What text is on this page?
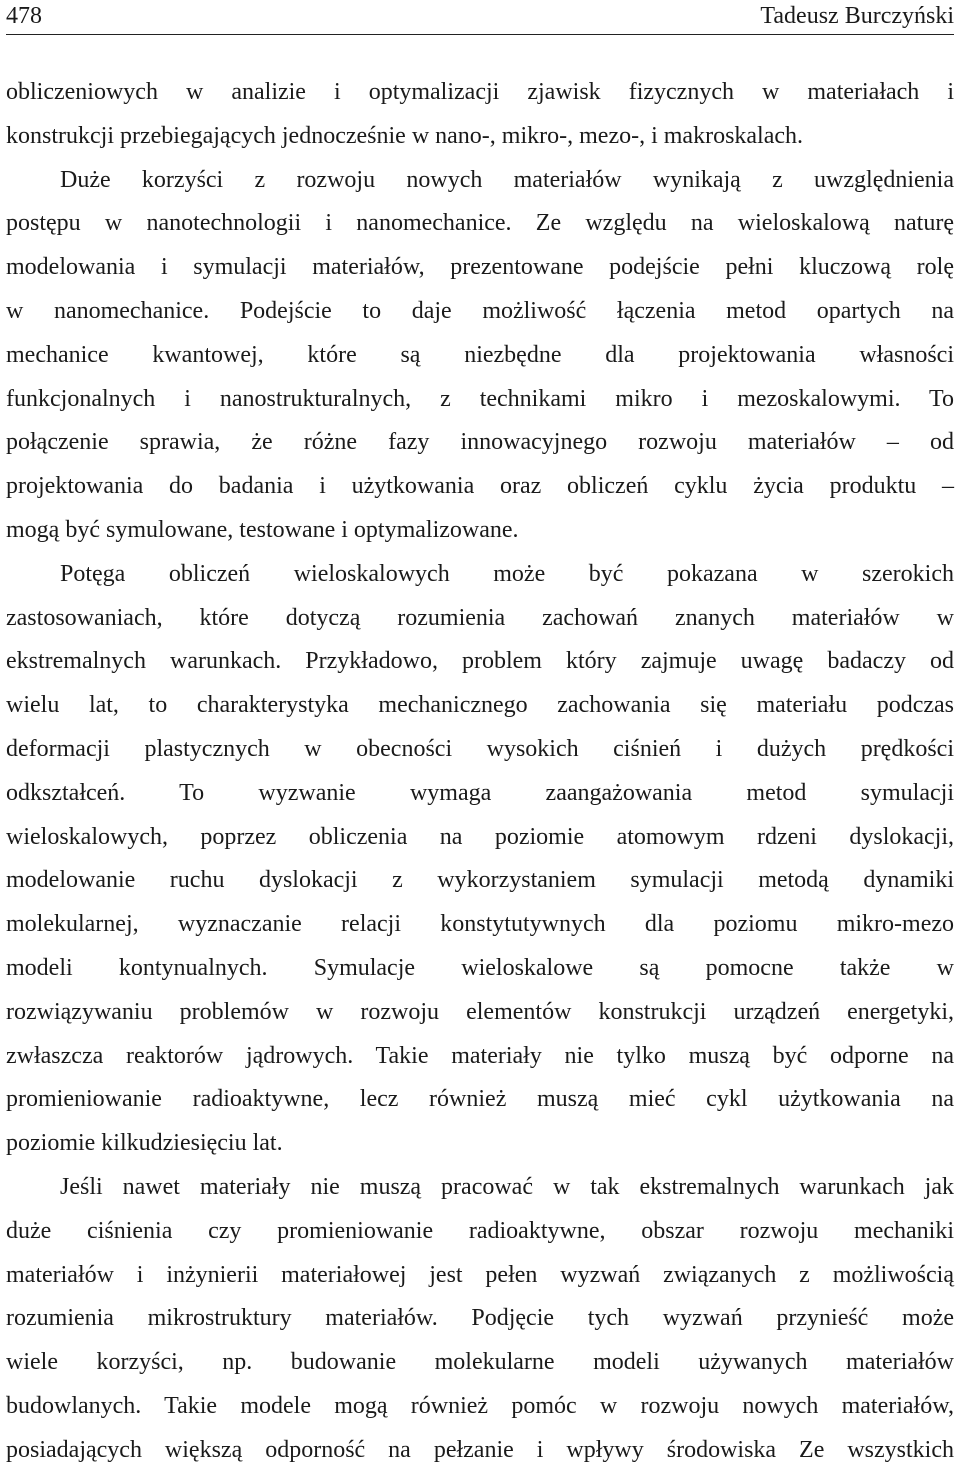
478	Tadeusz Burczyński

obliczeniowych w analizie i optymalizacji zjawisk fizycznych w materiałach i

konstrukcji przebiegających jednocześnie w nano-, mikro-, mezo-, i makroskalach.

Duże korzyści z rozwoju nowych materiałów wynikają z uwzględnienia

postępu w nanotechnologii i nanomechanice. Ze względu na wieloskalową naturę

modelowania i symulacji materiałów, prezentowane podejście pełni kluczową rolę

w nanomechanice. Podejście to daje możliwość łączenia metod opartych na

mechanice kwantowej, które są niezbędne dla projektowania własności

funkcjonalnych i nanostrukturalnych, z technikami mikro i mezoskalowymi. To

połączenie sprawia, że różne fazy innowacyjnego rozwoju materiałów – od

projektowania do badania i użytkowania oraz obliczeń cyklu życia produktu –

mogą być symulowane, testowane i optymalizowane.

Potęga obliczeń wieloskalowych może być pokazana w szerokich

zastosowaniach, które dotyczą rozumienia zachowań znanych materiałów w

ekstremalnych warunkach. Przykładowo, problem który zajmuje uwagę badaczy od

wielu lat, to charakterystyka mechanicznego zachowania się materiału podczas

deformacji plastycznych w obecności wysokich ciśnień i dużych prędkości

odkształceń. To wyzwanie wymaga zaangażowania metod symulacji

wieloskalowych, poprzez obliczenia na poziomie atomowym rdzeni dyslokacji,

modelowanie ruchu dyslokacji z wykorzystaniem symulacji metodą dynamiki

molekularnej, wyznaczanie relacji konstytutywnych dla poziomu mikro-mezo

modeli kontynualnych. Symulacje wieloskalowe są pomocne także w

rozwiązywaniu problemów w rozwoju elementów konstrukcji urządzeń energetyki,

zwłaszcza reaktorów jądrowych. Takie materiały nie tylko muszą być odporne na

promieniowanie radioaktywne, lecz również muszą mieć cykl użytkowania na

poziomie kilkudziesięciu lat.

Jeśli nawet materiały nie muszą pracować w tak ekstremalnych warunkach jak

duże ciśnienia czy promieniowanie radioaktywne, obszar rozwoju mechaniki

materiałów i inżynierii materiałowej jest pełen wyzwań związanych z możliwością

rozumienia mikrostruktury materiałów. Podjęcie tych wyzwań przynieść może

wiele korzyści, np. budowanie molekularne modeli używanych materiałów

budowlanych. Takie modele mogą również pomóc w rozwoju nowych materiałów,

posiadających większą odporność na pełzanie i wpływy środowiska Ze wszystkich
